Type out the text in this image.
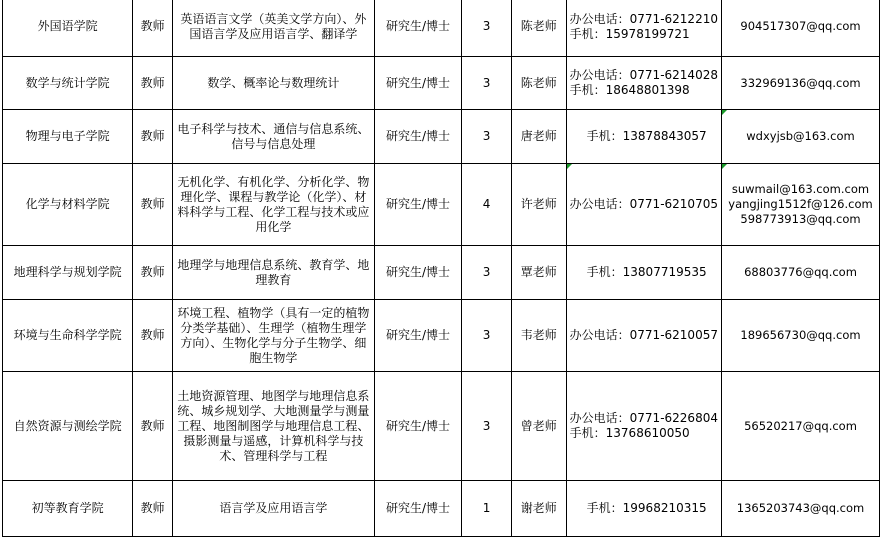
外国语学院	教师	英语语言文学（英美文学方向）、外国语言学及应用语言学、翻译学	研究生/博士	3	陈老师	办公电话：0771-6212210
手机：15978199721	904517307@qq.com
数学与统计学院	教师	数学、概率论与数理统计	研究生/博士	3	陈老师	办公电话：0771-6214028
手机：18648801398	332969136@qq.com
物理与电子学院	教师	电子科学与技术、通信与信息系统、信号与信息处理	研究生/博士	3	唐老师	手机：13878843057	wdxyjsb@163.com
化学与材料学院	教师	无机化学、有机化学、分析化学、物理化学、课程与教学论（化学）、材料科学与工程、化学工程与技术或应用化学	研究生/博士	4	许老师	办公电话：0771-6210705	suwmail@163.com.com
yangjing1512f@126.com
598773913@qq.com

地理科学与规划学院	教师	地理学与地理信息系统、教育学、地理教育	研究生/博士	3	覃老师	手机：13807719535	68803776@qq.com
环境与生命科学学院	教师	环境工程、植物学（具有一定的植物分类学基础）、生理学（植物生理学方向）、生物化学与分子生物学、细胞生物学	研究生/博士	3	韦老师	办公电话：0771-6210057	189656730@qq.com
自然资源与测绘学院	教师	土地资源管理、地图学与地理信息系统、城乡规划学、大地测量学与测量工程、地图制图学与地理信息工程、摄影测量与遥感，计算机科学与技术、管理科学与工程	研究生/博士	3	曾老师	办公电话：0771-6226804
手机：13768610050	56520217@qq.com
初等教育学院	教师	语言学及应用语言学	研究生/博士	1	谢老师	手机：19968210315	1365203743@qq.com
